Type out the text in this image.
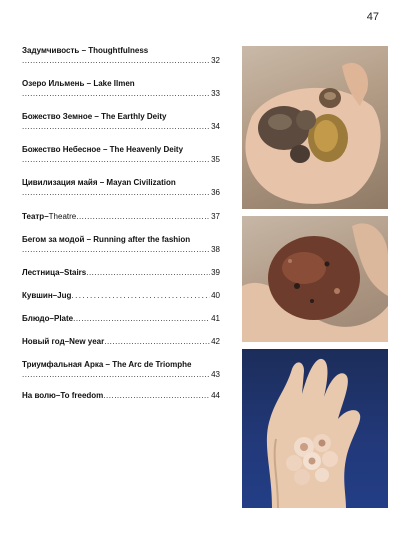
47
Задумчивость – Thoughtfulness
.....
32
Озеро Ильмень – Lake Ilmen
.....
33
Божество Земное – The Earthly Deity
.....
34
Божество Небесное – The Heavenly Deity
.....
35
Цивилизация майя – Mayan Civilization
.....
36
Театр – Theatre .....	37
Бегом за модой – Running after the fashion
.....
38
Лестница – Stairs .....	39
Кувшин – Jug .....	40
Блюдо – Plate .....	41
Новый год – New year .....	42
Триумфальная Арка – The Arc de Triomphe
.....
43
На волю – To freedom .....	44
